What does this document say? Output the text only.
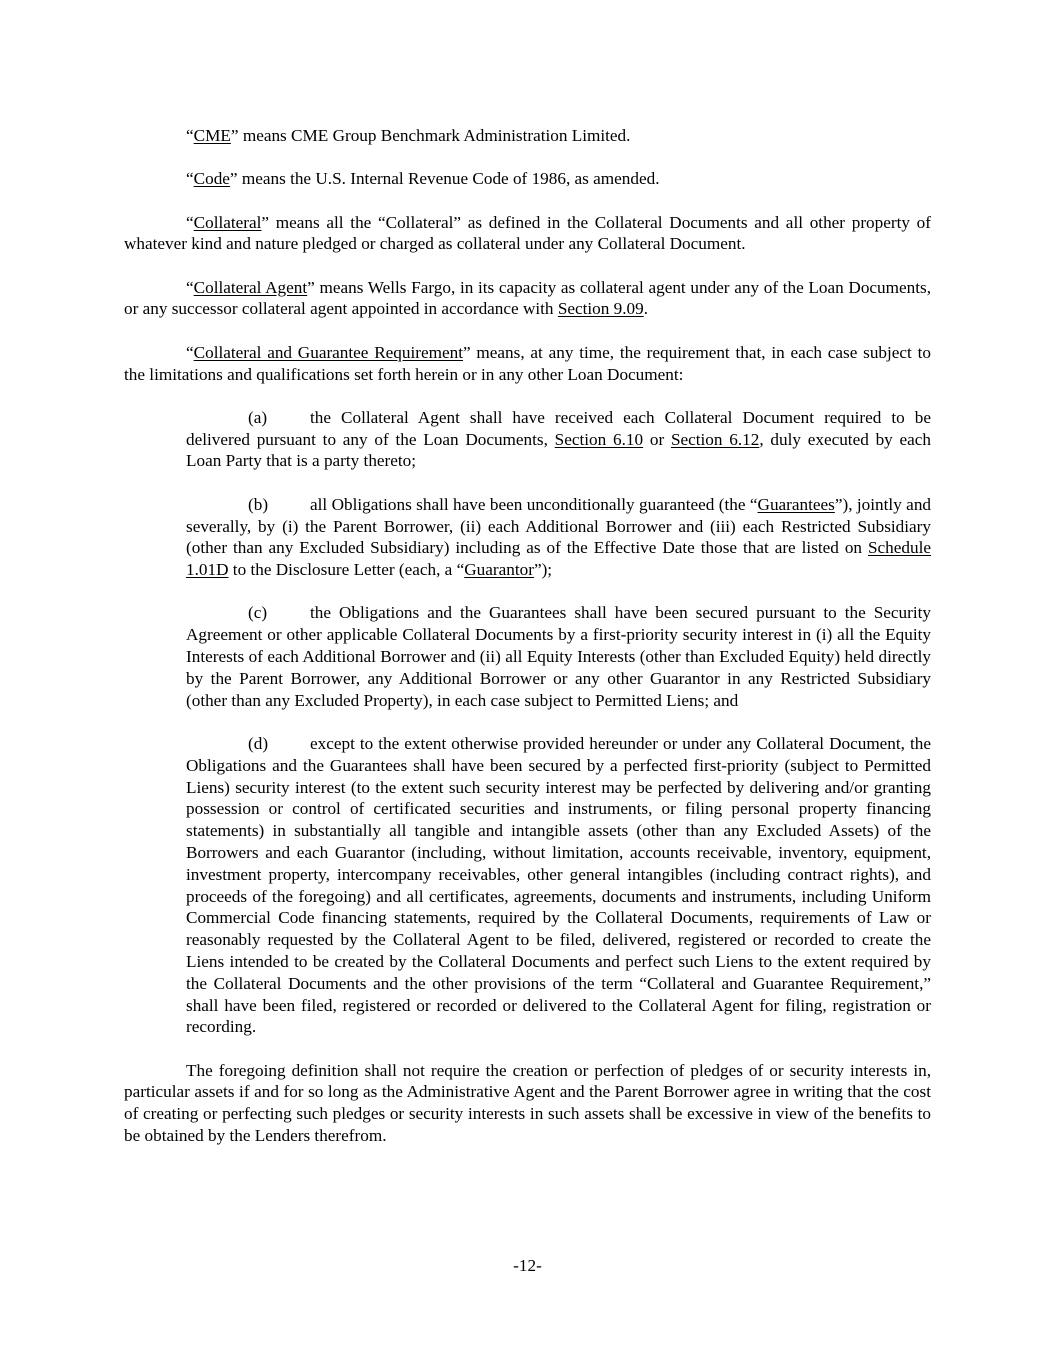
“CME” means CME Group Benchmark Administration Limited.

“Code” means the U.S. Internal Revenue Code of 1986, as amended.

“Collateral” means all the “Collateral” as defined in the Collateral Documents and all other property of whatever kind and nature pledged or charged as collateral under any Collateral Document.

“Collateral Agent” means Wells Fargo, in its capacity as collateral agent under any of the Loan Documents, or any successor collateral agent appointed in accordance with Section 9.09.

“Collateral and Guarantee Requirement” means, at any time, the requirement that, in each case subject to the limitations and qualifications set forth herein or in any other Loan Document:

(a) the Collateral Agent shall have received each Collateral Document required to be delivered pursuant to any of the Loan Documents, Section 6.10 or Section 6.12, duly executed by each Loan Party that is a party thereto;

(b) all Obligations shall have been unconditionally guaranteed (the “Guarantees”), jointly and severally, by (i) the Parent Borrower, (ii) each Additional Borrower and (iii) each Restricted Subsidiary (other than any Excluded Subsidiary) including as of the Effective Date those that are listed on Schedule 1.01D to the Disclosure Letter (each, a “Guarantor”);

(c) the Obligations and the Guarantees shall have been secured pursuant to the Security Agreement or other applicable Collateral Documents by a first-priority security interest in (i) all the Equity Interests of each Additional Borrower and (ii) all Equity Interests (other than Excluded Equity) held directly by the Parent Borrower, any Additional Borrower or any other Guarantor in any Restricted Subsidiary (other than any Excluded Property), in each case subject to Permitted Liens; and

(d) except to the extent otherwise provided hereunder or under any Collateral Document, the Obligations and the Guarantees shall have been secured by a perfected first-priority (subject to Permitted Liens) security interest (to the extent such security interest may be perfected by delivering and/or granting possession or control of certificated securities and instruments, or filing personal property financing statements) in substantially all tangible and intangible assets (other than any Excluded Assets) of the Borrowers and each Guarantor (including, without limitation, accounts receivable, inventory, equipment, investment property, intercompany receivables, other general intangibles (including contract rights), and proceeds of the foregoing) and all certificates, agreements, documents and instruments, including Uniform Commercial Code financing statements, required by the Collateral Documents, requirements of Law or reasonably requested by the Collateral Agent to be filed, delivered, registered or recorded to create the Liens intended to be created by the Collateral Documents and perfect such Liens to the extent required by the Collateral Documents and the other provisions of the term “Collateral and Guarantee Requirement,” shall have been filed, registered or recorded or delivered to the Collateral Agent for filing, registration or recording.

The foregoing definition shall not require the creation or perfection of pledges of or security interests in, particular assets if and for so long as the Administrative Agent and the Parent Borrower agree in writing that the cost of creating or perfecting such pledges or security interests in such assets shall be excessive in view of the benefits to be obtained by the Lenders therefrom.

-12-
